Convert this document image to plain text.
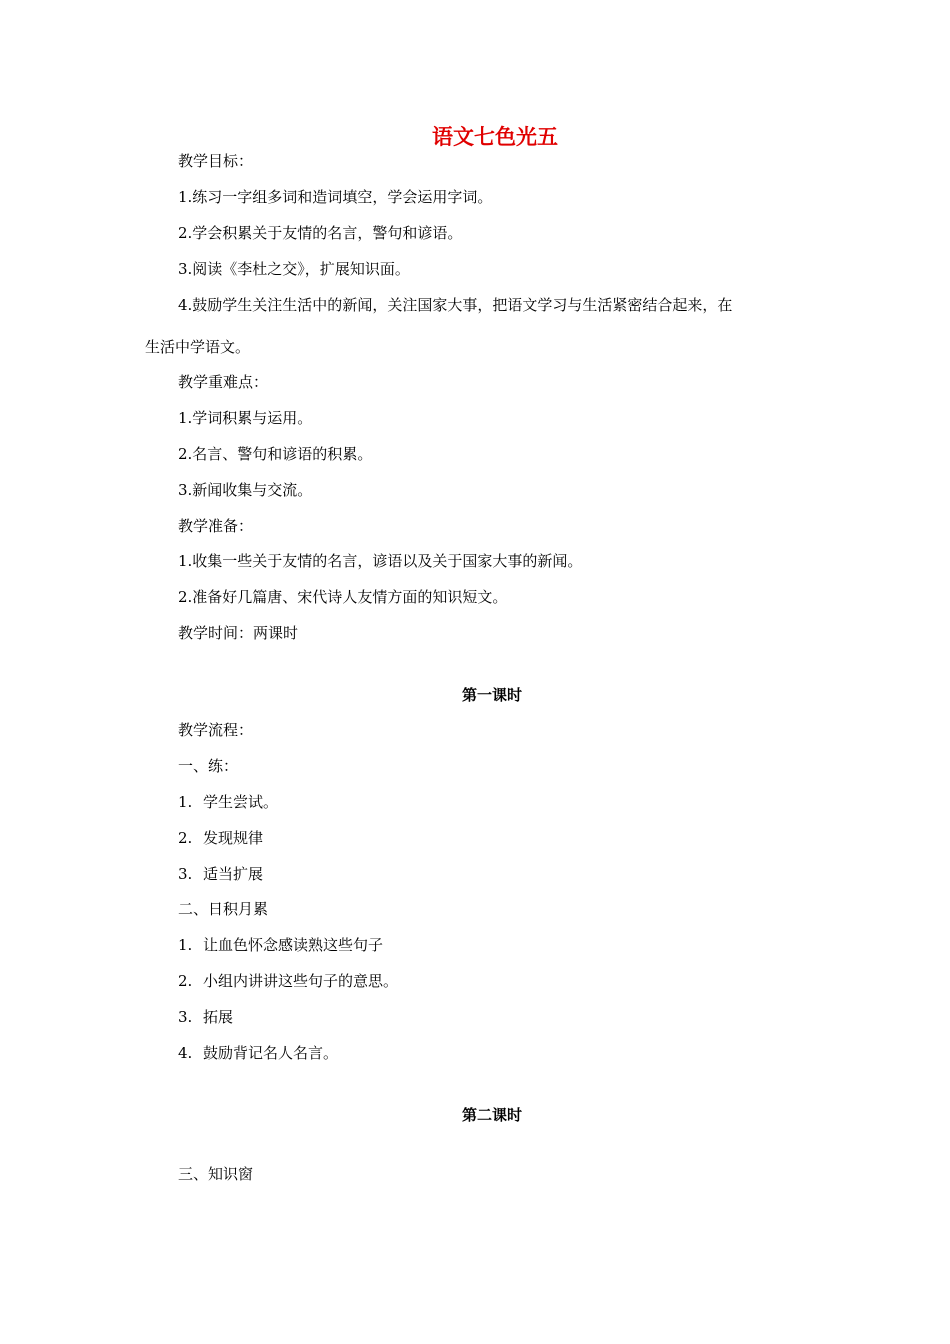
语文七色光五
教学目标：
1.练习一字组多词和造词填空，学会运用字词。
2.学会积累关于友情的名言，警句和谚语。
3.阅读《李杜之交》，扩展知识面。
4.鼓励学生关注生活中的新闻，关注国家大事，把语文学习与生活紧密结合起来，在
生活中学语文。
教学重难点：
1.学词积累与运用。
2.名言、警句和谚语的积累。
3.新闻收集与交流。
教学准备：
1.收集一些关于友情的名言，谚语以及关于国家大事的新闻。
2.准备好几篇唐、宋代诗人友情方面的知识短文。
教学时间：两课时
第一课时
教学流程：
一、练：
1. 学生尝试。
2. 发现规律
3. 适当扩展
二、日积月累
1. 让血色怀念感读熟这些句子
2. 小组内讲讲这些句子的意思。
3. 拓展
4. 鼓励背记名人名言。
第二课时
三、知识窗
